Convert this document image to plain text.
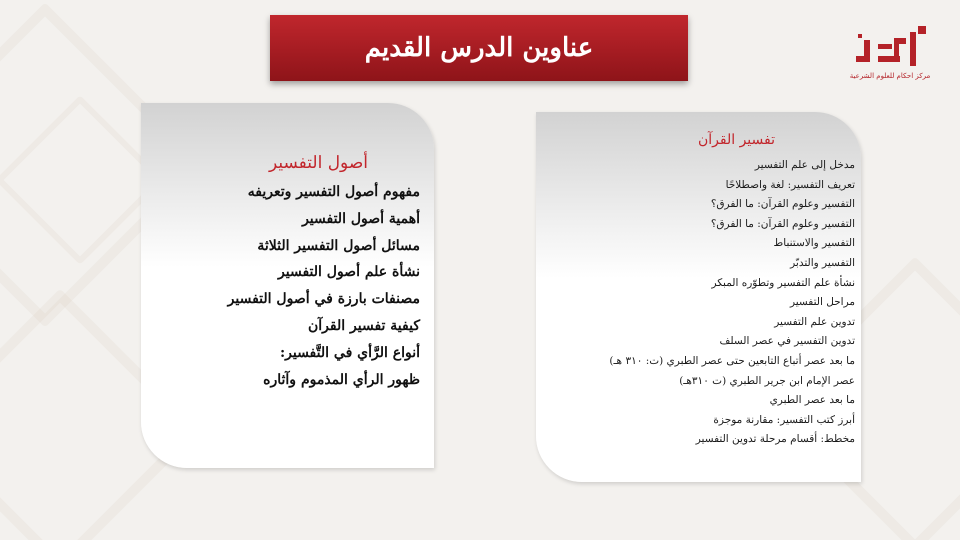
عناوين الدرس القديم
مركز احكام للعلوم الشرعية
أصول التفسير
مفهوم أصول التفسير وتعريفه
أهمية أصول التفسير
مسائل أصول التفسير الثلاثة
نشأة علم أصول التفسير
مصنفات بارزة في أصول التفسير
كيفية تفسير القرآن
أنواع الرَّأي في التَّفسير:
ظهور الرأي المذموم وآثاره
تفسير القرآن
مدخل إلى علم التفسير
تعريف التفسير: لغة واصطلاحًا
التفسير وعلوم القرآن: ما الفرق؟
التفسير وعلوم القرآن: ما الفرق؟
التفسير والاستنباط
التفسير والتدبّر
نشأة علم التفسير وتطوّره المبكر
مراحل التفسير
تدوين علم التفسير
تدوين التفسير في عصر السلف
ما بعد عصر أتباع التابعين حتى عصر الطبري (ت: ٣١٠ هـ)
عصر الإمام ابن جرير الطبري (ت ٣١٠هـ)
ما بعد عصر الطبري
أبرز كتب التفسير: مقارنة موجزة
مخطط: أقسام مرحلة تدوين التفسير
